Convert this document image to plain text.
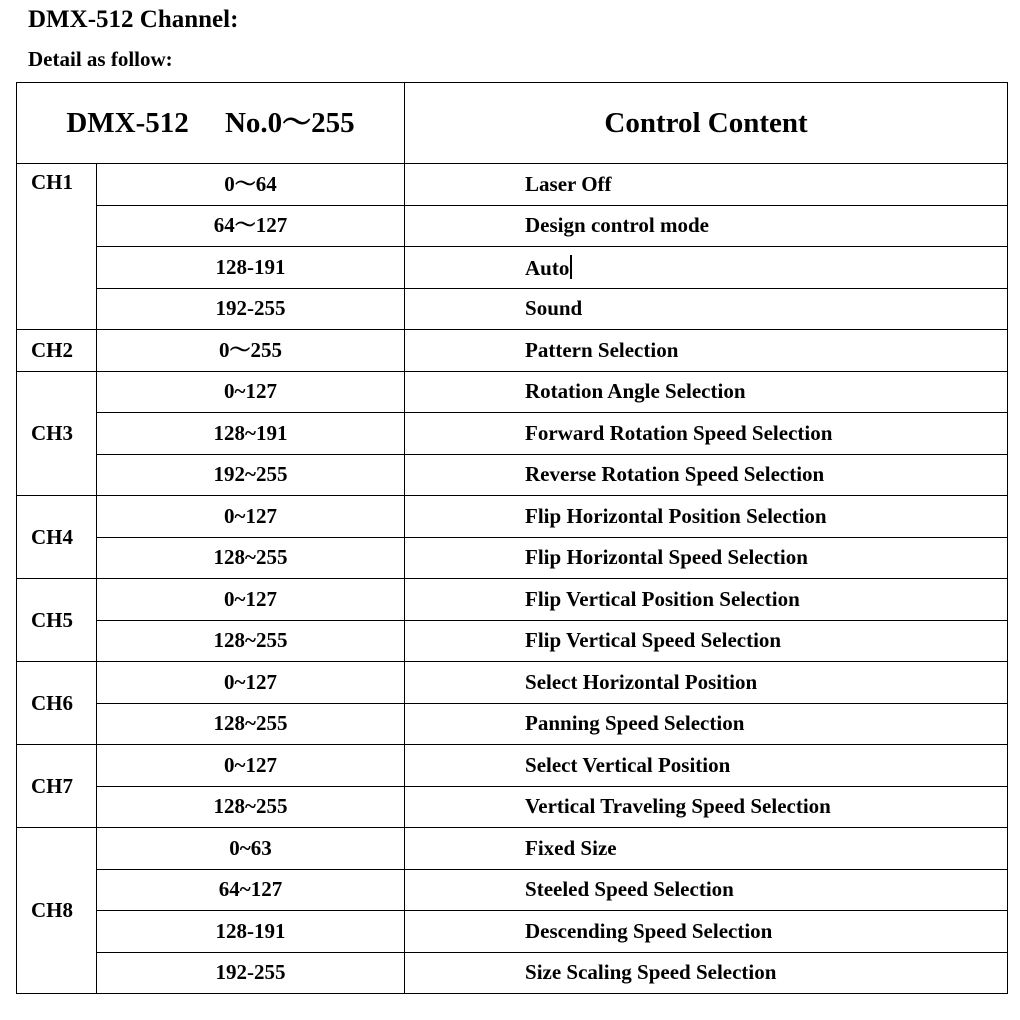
DMX-512 Channel:
Detail as follow:
DMX-512　 No.0～255		Control Content
CH1	0～64	Laser Off
	64～127	Design control mode
	128-191	Auto
	192-255	Sound
CH2	0～255	Pattern Selection
CH3	0~127	Rotation Angle Selection
	128~191	Forward Rotation Speed Selection
	192~255	Reverse Rotation Speed Selection
CH4	0~127	Flip Horizontal Position Selection
	128~255	Flip Horizontal Speed Selection
CH5	0~127	Flip Vertical Position Selection
	128~255	Flip Vertical Speed Selection
CH6	0~127	Select Horizontal Position
	128~255	Panning Speed Selection
CH7	0~127	Select Vertical Position
	128~255	Vertical Traveling Speed Selection
CH8	0~63	Fixed Size
	64~127	Steeled Speed Selection
	128-191	Descending Speed Selection
	192-255	Size Scaling Speed Selection
